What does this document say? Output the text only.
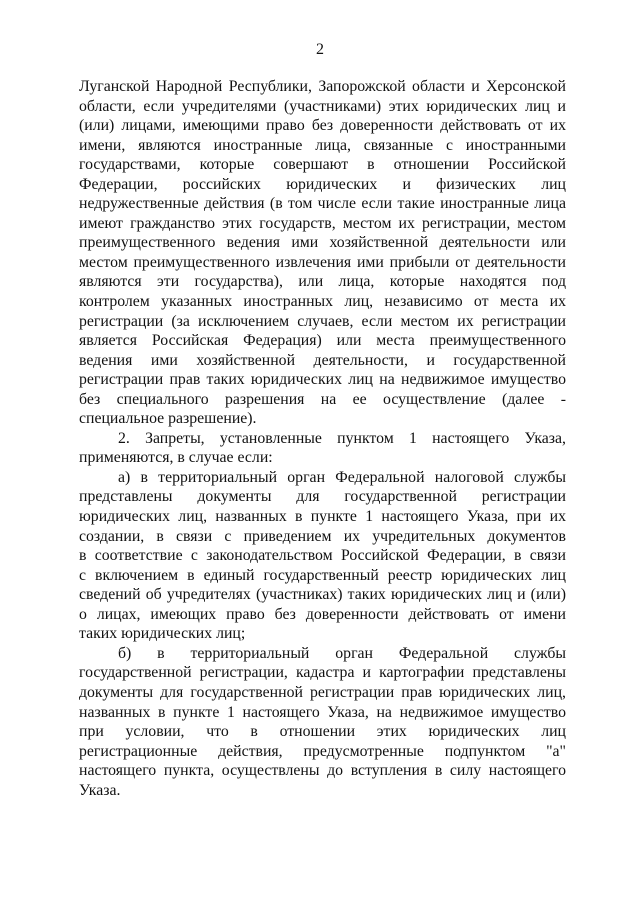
2
Луганской Народной Республики, Запорожской области и Херсонской
области, если учредителями (участниками) этих юридических лиц и
(или) лицами, имеющими право без доверенности действовать от их
имени, являются иностранные лица, связанные с иностранными
государствами, которые совершают в отношении Российской
Федерации, российских юридических и физических лиц
недружественные действия (в том числе если такие иностранные лица
имеют гражданство этих государств, местом их регистрации, местом
преимущественного ведения ими хозяйственной деятельности или
местом преимущественного извлечения ими прибыли от деятельности
являются эти государства), или лица, которые находятся под
контролем указанных иностранных лиц, независимо от места их
регистрации (за исключением случаев, если местом их регистрации
является Российская Федерация) или места преимущественного
ведения ими хозяйственной деятельности, и государственной
регистрации прав таких юридических лиц на недвижимое имущество
без специального разрешения на ее осуществление (далее -
специальное разрешение).
2. Запреты, установленные пунктом 1 настоящего Указа,
применяются, в случае если:
а) в территориальный орган Федеральной налоговой службы
представлены документы для государственной регистрации
юридических лиц, названных в пункте 1 настоящего Указа, при их
создании, в связи с приведением их учредительных документов
в соответствие с законодательством Российской Федерации, в связи
с включением в единый государственный реестр юридических лиц
сведений об учредителях (участниках) таких юридических лиц и (или)
о лицах, имеющих право без доверенности действовать от имени
таких юридических лиц;
б) в территориальный орган Федеральной службы
государственной регистрации, кадастра и картографии представлены
документы для государственной регистрации прав юридических лиц,
названных в пункте 1 настоящего Указа, на недвижимое имущество
при условии, что в отношении этих юридических лиц
регистрационные действия, предусмотренные подпунктом "а"
настоящего пункта, осуществлены до вступления в силу настоящего
Указа.
